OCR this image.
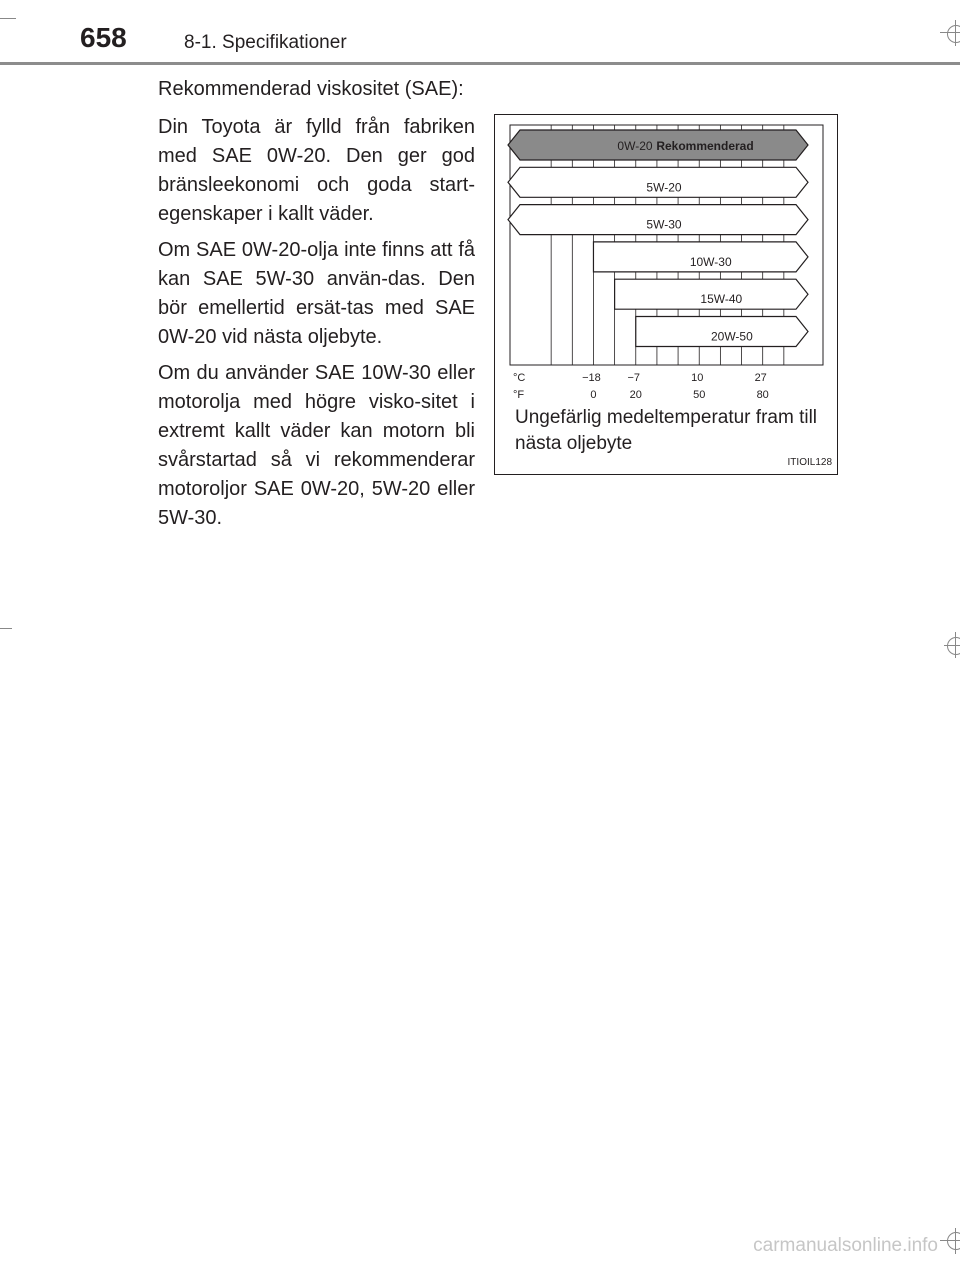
658	8-1. Specifikationer
Rekommenderad viskositet (SAE):

Din Toyota är fylld från fabriken med SAE 0W-20. Den ger god bränsleekonomi och goda start-egenskaper i kallt väder.

Om SAE 0W-20-olja inte finns att få kan SAE 5W-30 använ-das. Den bör emellertid ersät-tas med SAE 0W-20 vid nästa oljebyte.

Om du använder SAE 10W-30 eller motorolja med högre visko-sitet i extremt kallt väder kan motorn bli svårstartad så vi rekommenderar motoroljor SAE 0W-20, 5W-20 eller 5W-30.

0W-20 Rekommenderad
5W-20
5W-30
10W-30
15W-40
20W-50
°C
°F
−18
0
−7
20
10
50
27
80
Ungefärlig medeltemperatur fram till nästa oljebyte
ITIOIL128
carmanualsonline.info
